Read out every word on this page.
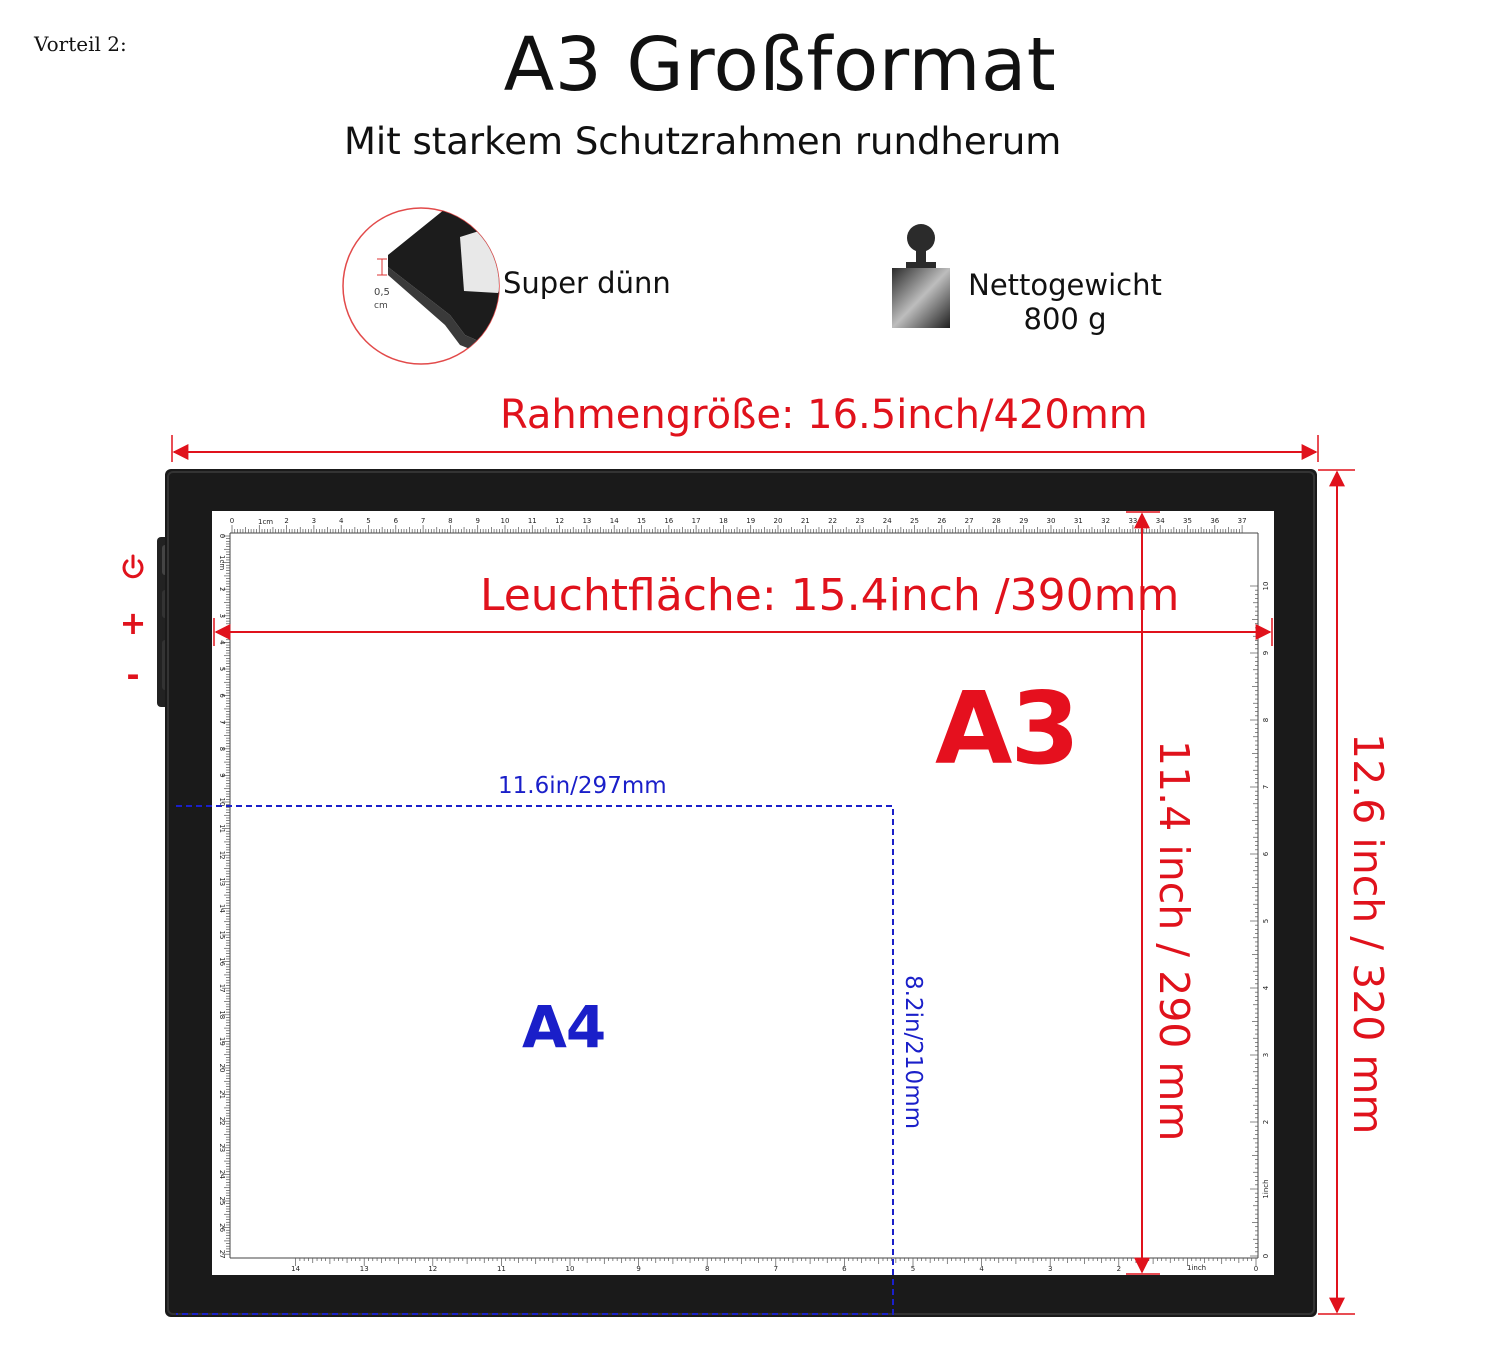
Vorteil 2:	A3 Großformat
Mit starkem Schutzrahmen rundherum
0,5
cm
Super dünn	Nettogewicht
800 g
0	2	3	4	5	6	7	8	9	10	11	12	13	14	15	16	17	18	19	20	21	22	23	24	25	26	27	28	29	30	31	32	33	34	35	36	37
0
1cm
2
3
4
5
6
7
8
9
10
11
12
13
14
15
16
17
18
19
20
21
22
23
24
25
26
27
0
2
3
4
5
6
7
8
9
10
11
12
13
14
0
1inch
2
3
4
5
6
7
8
9
10
1cm
1inch
Rahmengröße: 16.5inch/420mm
Leuchtfläche: 15.4inch /390mm
A3
A4
11.6in/297mm
8.2in/210mm	11.4 inch / 290 mm	12.6 inch / 320 mm
+
-
